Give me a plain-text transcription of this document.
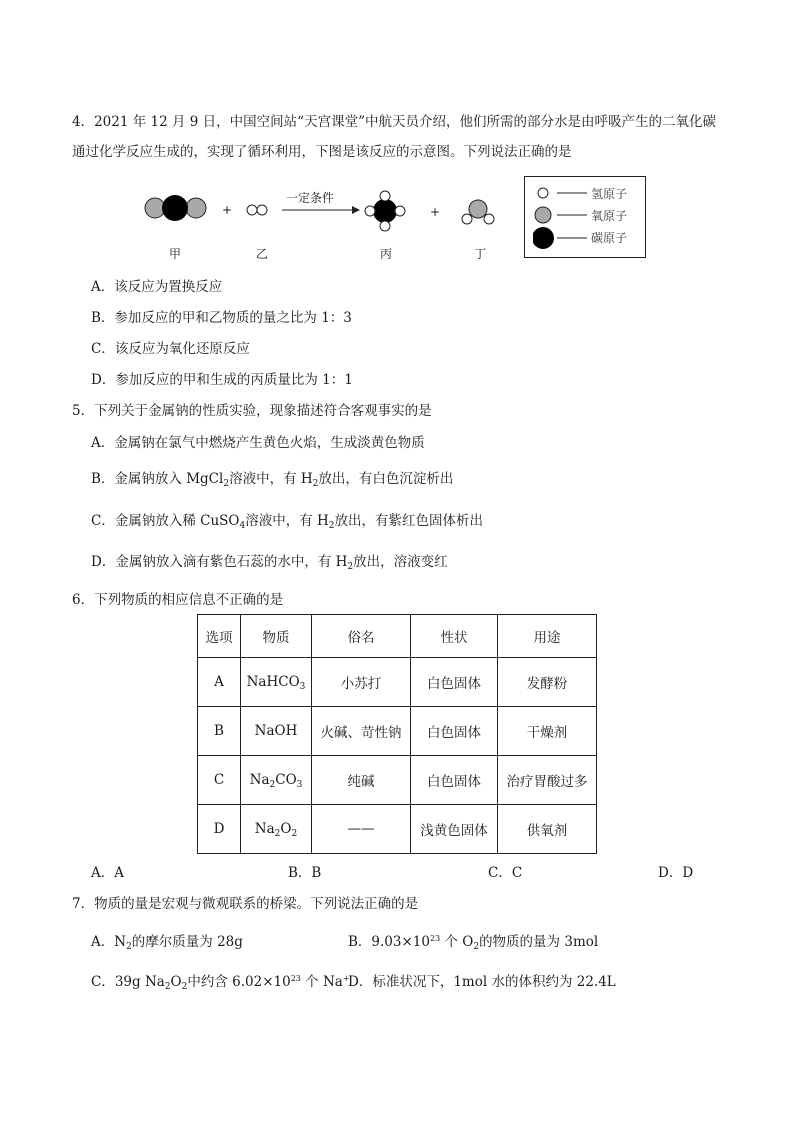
4．2021 年 12 月 9 日，中国空间站“天宫课堂”中航天员介绍，他们所需的部分水是由呼吸产生的二氧化碳
通过化学反应生成的，实现了循环利用，下图是该反应的示意图。下列说法正确的是
+	+
一定条件
甲	乙	丙	丁
氢原子
氧原子
碳原子
A．该反应为置换反应
B．参加反应的甲和乙物质的量之比为 1：3
C．该反应为氧化还原反应
D．参加反应的甲和生成的丙质量比为 1：1
5．下列关于金属钠的性质实验，现象描述符合客观事实的是
A．金属钠在氯气中燃烧产生黄色火焰，生成淡黄色物质
B．金属钠放入 MgCl$_2$溶液中，有 $H_2$放出，有白色沉淀析出
C．金属钠放入稀 CuSO$_4$溶液中，有 $H_2$放出，有紫红色固体析出
D．金属钠放入滴有紫色石蕊的水中，有 $H_2$放出，溶液变红
6．下列物质的相应信息不正确的是
选项	物质	俗名	性状	用途
A	NaHCO$_3$	小苏打	白色固体	发酵粉
B	NaOH	火碱、苛性钠	白色固体	干燥剂
C	$Na_2CO_3$	纯碱	白色固体	治疗胃酸过多
D	$Na_2O_2$	——	浅黄色固体	供氧剂
A．A	B．B	C．C	D．D
7．物质的量是宏观与微观联系的桥梁。下列说法正确的是
A．$N_2$的摩尔质量为 28g	B．$9.03\times 10^{23}$ 个 $O_2$的物质的量为 3mol
C．39g $Na_2O_2$中约含 $6.02\times 10^{23}$ 个 Na+
D．标准状况下，1mol 水的体积约为 22.4L
